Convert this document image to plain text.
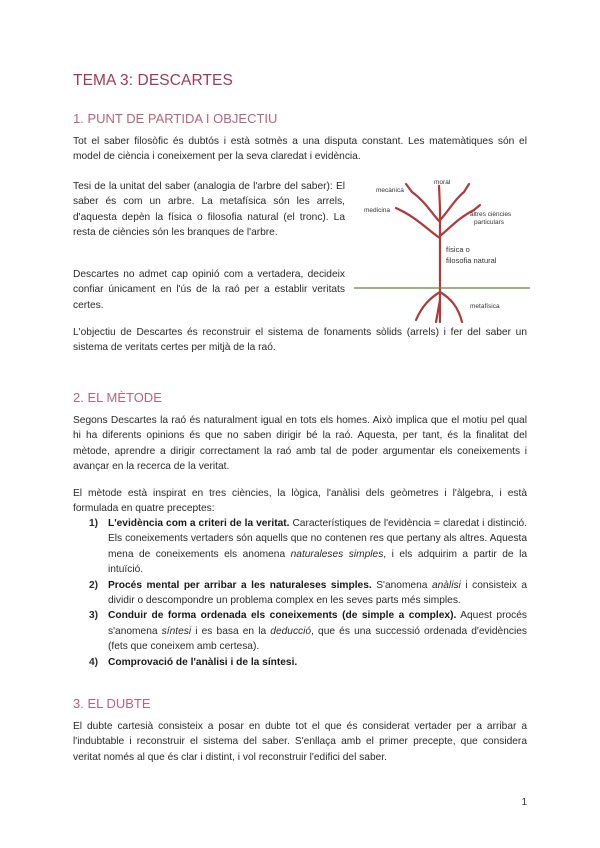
TEMA 3: DESCARTES
1. PUNT DE PARTIDA I OBJECTIU
Tot el saber filosòfic és dubtós i està sotmès a una disputa constant. Les matemàtiques són el model de ciència i coneixement per la seva claredat i evidència.
Tesi de la unitat del saber (analogia de l'arbre del saber): El saber és com un arbre. La metafísica són les arrels, d'aquesta depèn la física o filosofia natural (el tronc). La resta de ciències són les branques de l'arbre.
Descartes no admet cap opinió com a vertadera, decideix confiar únicament en l'ús de la raó per a establir veritats certes.
L'objectiu de Descartes és reconstruir el sistema de fonaments sòlids (arrels) i fer del saber un sistema de veritats certes per mitjà de la raó.
mecànica
moral
medicina
altres ciències
particulars
física o
filosofia natural
metafísica
2. EL MÈTODE
Segons Descartes la raó és naturalment igual en tots els homes. Això implica que el motiu pel qual hi ha diferents opinions és que no saben dirigir bé la raó. Aquesta, per tant, és la finalitat del mètode, aprendre a dirigir correctament la raó amb tal de poder argumentar els coneixements i avançar en la recerca de la veritat.
El mètode està inspirat en tres ciències, la lògica, l'anàlisi dels geòmetres i l'àlgebra, i està formulada en quatre preceptes:
1) L'evidència com a criteri de la veritat. Característiques de l'evidència = claredat i distinció. Els coneixements vertaders són aquells que no contenen res que pertany als altres. Aquesta mena de coneixements els anomena naturaleses simples, i els adquirim a partir de la intuïció.
2) Procés mental per arribar a les naturaleses simples. S'anomena anàlisi i consisteix a dividir o descompondre un problema complex en les seves parts més simples.
3) Conduir de forma ordenada els coneixements (de simple a complex). Aquest procés s'anomena síntesi i es basa en la deducció, que és una successió ordenada d'evidències (fets que coneixem amb certesa).
4) Comprovació de l'anàlisi i de la síntesi.
3. EL DUBTE
El dubte cartesià consisteix a posar en dubte tot el que és considerat vertader per a arribar a l'indubtable i reconstruir el sistema del saber. S'enllaça amb el primer precepte, que considera veritat només al que és clar i distint, i vol reconstruir l'edifici del saber.
1
